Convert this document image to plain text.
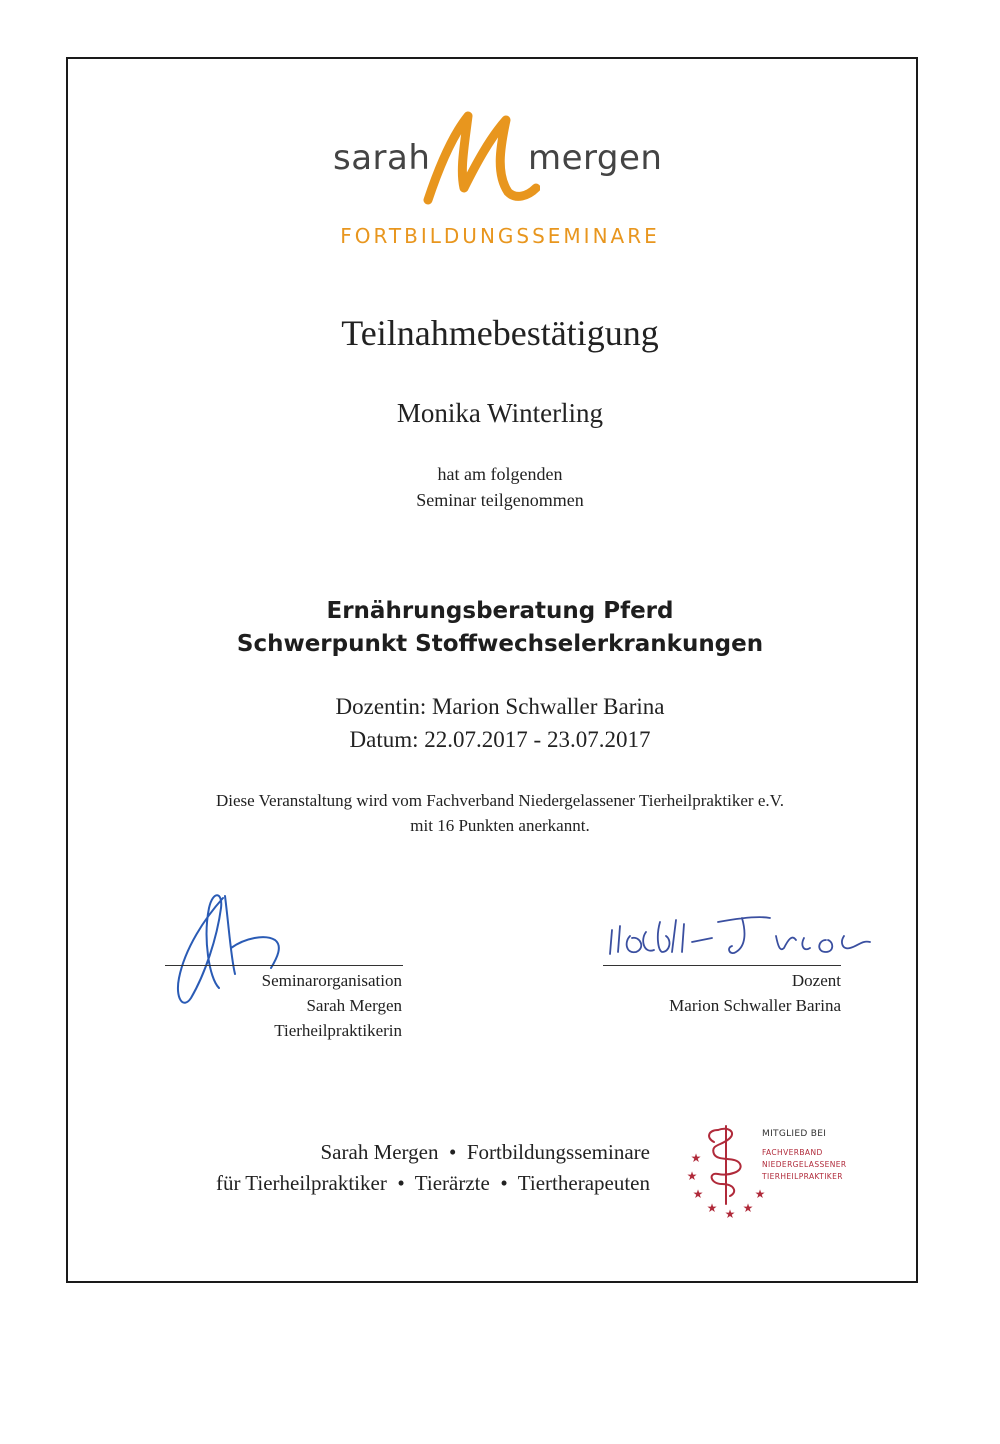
sarah	mergen
FORTBILDUNGSSEMINARE
Teilnahmebestätigung
Monika Winterling
hat am folgenden
Seminar teilgenommen
Ernährungsberatung Pferd
Schwerpunkt Stoffwechselerkrankungen
Dozentin: Marion Schwaller Barina
Datum: 22.07.2017 - 23.07.2017
Diese Veranstaltung wird vom Fachverband Niedergelassener Tierheilpraktiker e.V.
mit 16 Punkten anerkannt.
Seminarorganisation
Sarah Mergen
Tierheilpraktikerin
Dozent
Marion Schwaller Barina
Sarah Mergen  •  Fortbildungsseminare
für Tierheilpraktiker  •  Tierärzte  •  Tiertherapeuten
★
★
★
★ ★ ★
★
MITGLIED BEI
FACHVERBAND
NIEDERGELASSENER
TIERHEILPRAKTIKER
